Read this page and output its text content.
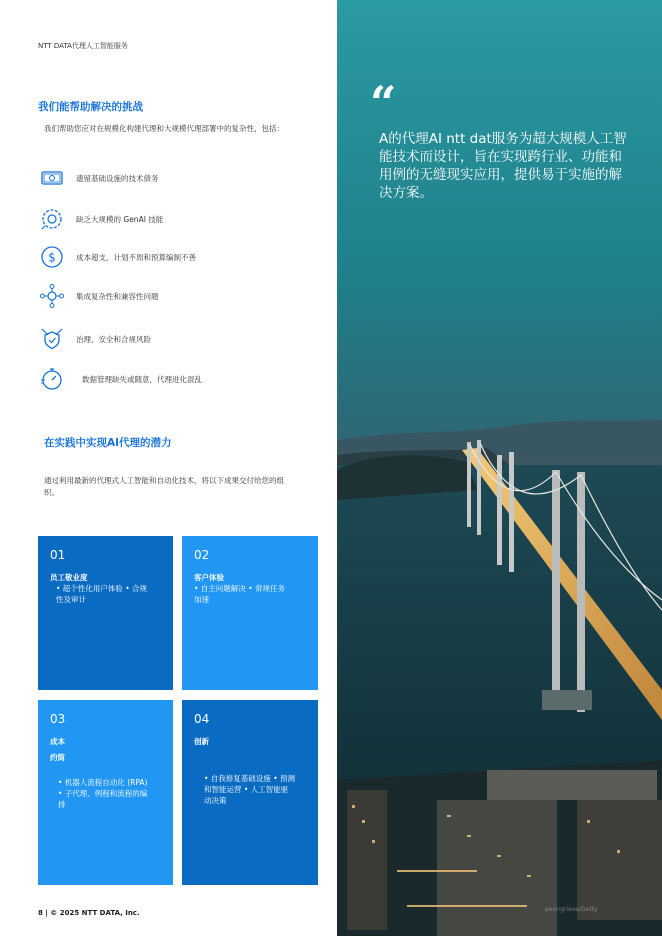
NTT DATA代理人工智能服务
我们能帮助解决的挑战
我们帮助您应对在规模化构建代理和大规模代理部署中的复杂性，包括：
遗留基础设施的技术债务
缺乏大规模的 GenAI 技能
$	成本超支，计划不周和预算编制不善
集成复杂性和兼容性问题
治理、安全和合规风险
数据管理缺失或随意，代理进化混乱
在实践中实现AI代理的潜力
通过利用最新的代理式人工智能和自动化技术，将以下成果交付给您的组织。
01
员工敬业度
• 超个性化用户体验 • 合规
性及审计
02
客户体验
• 自主问题解决 • 常规任务
加速
03
成本
约简
• 机器人流程自动化 (RPA)
• 子代理、例程和流程的编
排
04
创新
• 自我修复基础设施 • 预测
和智能运营 • 人工智能驱
动决策
8 | © 2025 NTT DATA, Inc.
“
A的代理AI ntt dat服务为超大规模人工智能技术而设计，旨在实现跨行业、功能和用例的无缝现实应用，提供易于实施的解决方案。
penngrieve/Getty
